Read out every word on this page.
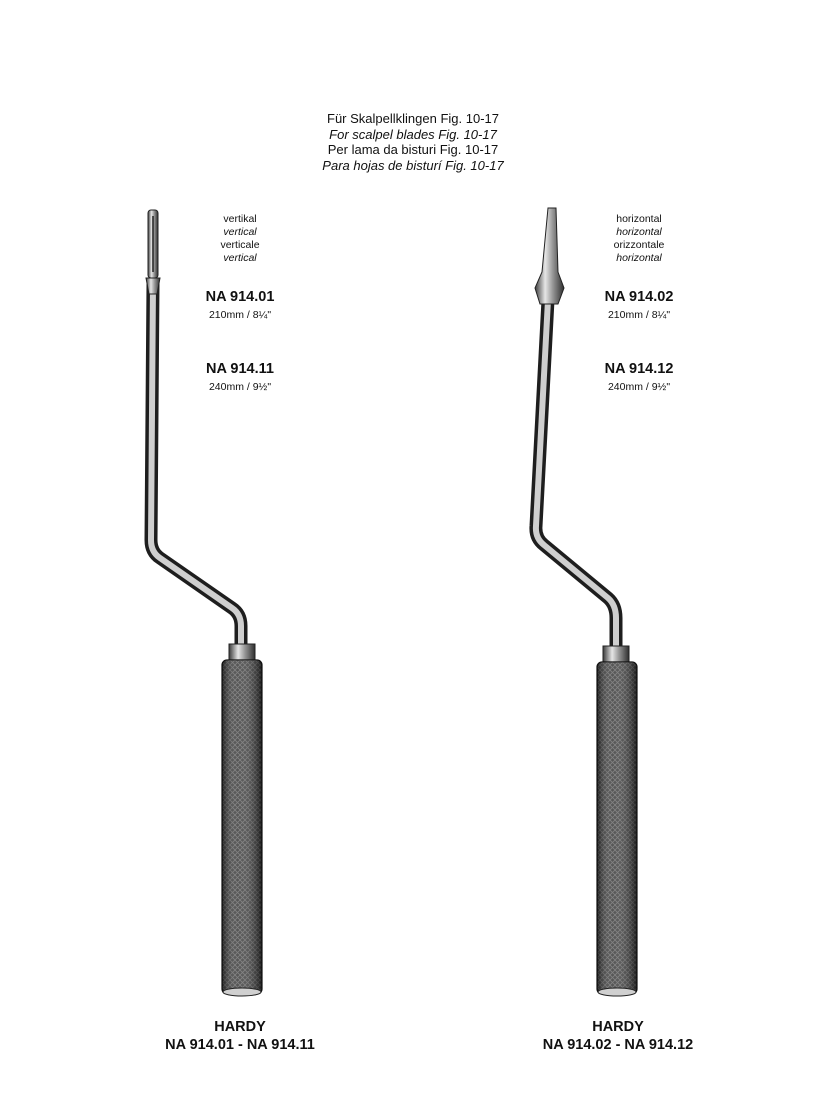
Für Skalpellklingen Fig. 10-17
For scalpel blades Fig. 10-17
Per lama da bisturi Fig. 10-17
Para hojas de bisturí Fig. 10-17
vertikal
vertical
verticale
vertical
NA 914.01
210mm / 8¼"
NA 914.11
240mm / 9½"
horizontal
horizontal
orizzontale
horizontal
NA 914.02
210mm / 8¼"
NA 914.12
240mm / 9½"
HARDY
NA 914.01 - NA 914.11
HARDY
NA 914.02 - NA 914.12
